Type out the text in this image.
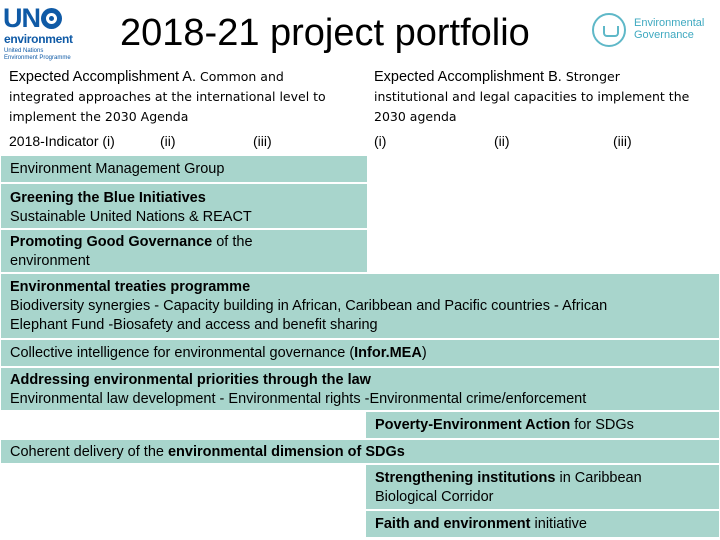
UN
environment
United Nations
Environment Programme
2018-21 project portfolio	Environmental
Governance
Expected Accomplishment A. Common and
integrated approaches at the international level to
implement the 2030 Agenda
Expected Accomplishment B. Stronger
institutional and legal capacities to implement the
2030 agenda
2018-Indicator (i)	(ii)	(iii)	(i)	(ii)	(iii)
Environment Management Group
Greening the Blue Initiatives
Sustainable United Nations & REACT
Promoting Good Governance of the
environment
Environmental treaties programme
Biodiversity synergies - Capacity building in African, Caribbean and Pacific countries - African
Elephant Fund -Biosafety and access and benefit sharing
Collective intelligence for environmental governance (Infor.MEA)
Addressing environmental priorities through the law
Environmental law development - Environmental rights -Environmental crime/enforcement
Poverty-Environment Action for SDGs
Coherent delivery of the environmental dimension of SDGs
Strengthening institutions in Caribbean
Biological Corridor
Faith and environment initiative
